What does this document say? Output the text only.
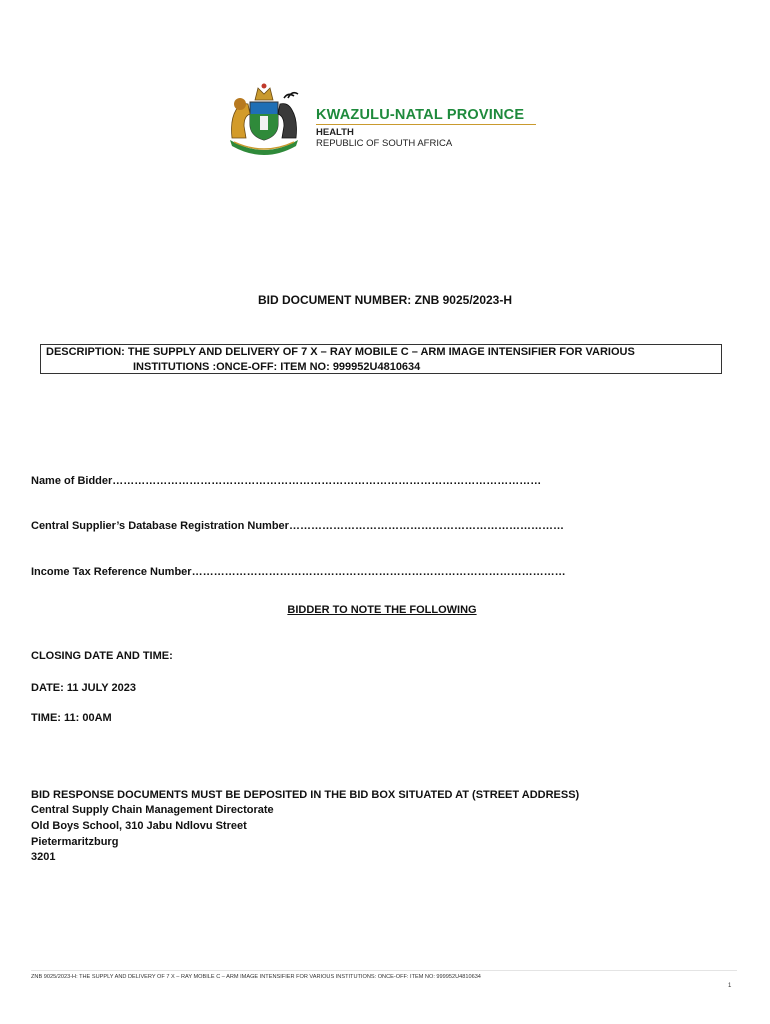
KWAZULU-NATAL PROVINCE
HEALTH
REPUBLIC OF SOUTH AFRICA
BID DOCUMENT NUMBER: ZNB 9025/2023-H
DESCRIPTION: THE SUPPLY AND DELIVERY OF 7 X – RAY MOBILE C – ARM IMAGE INTENSIFIER FOR VARIOUS
INSTITUTIONS :ONCE-OFF: ITEM NO: 999952U4810634
Name of Bidder………………………………………………………………………………………………………
Central Supplier’s Database Registration Number…………………………………………………………………
Income Tax Reference Number…………………………………………………………………………………………
BIDDER TO NOTE THE FOLLOWING
CLOSING DATE AND TIME:
DATE: 11 JULY 2023
TIME: 11: 00AM
BID RESPONSE DOCUMENTS MUST BE DEPOSITED IN THE BID BOX SITUATED AT (STREET ADDRESS)
Central Supply Chain Management Directorate
Old Boys School, 310 Jabu Ndlovu Street
Pietermaritzburg
3201
ZNB 9025/2023-H: THE SUPPLY AND DELIVERY OF 7 X – RAY MOBILE C – ARM IMAGE INTENSIFIER FOR VARIOUS INSTITUTIONS: ONCE-OFF: ITEM NO: 999952U4810634
1
